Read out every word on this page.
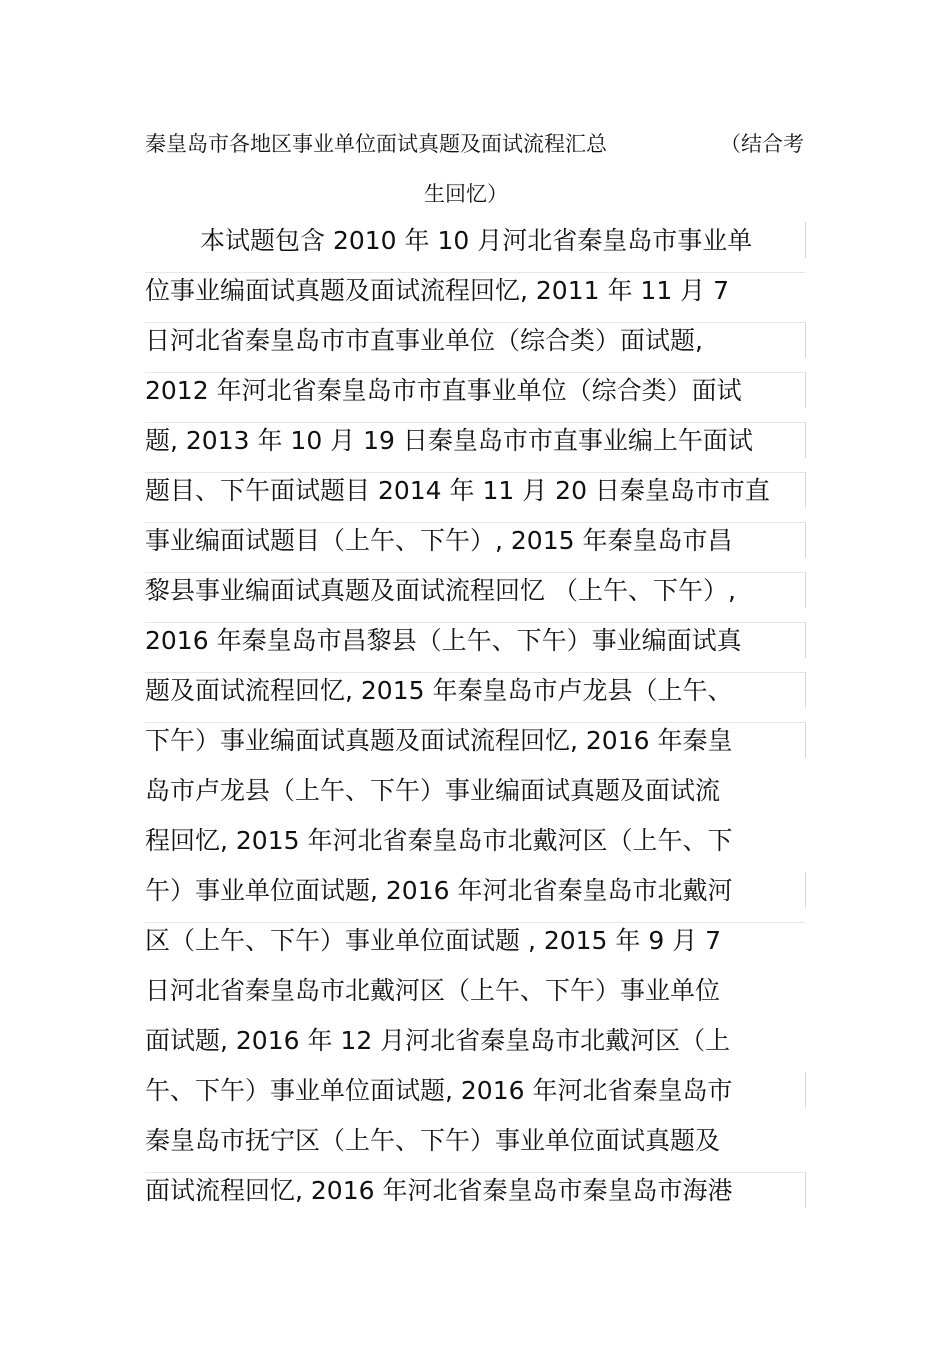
秦皇岛市各地区事业单位面试真题及面试流程汇总	（结合考
生回忆）
本试题包含 2010 年 10 月河北省秦皇岛市事业单
位事业编面试真题及面试流程回忆, 2011 年 11 月 7
日河北省秦皇岛市市直事业单位（综合类）面试题,
2012 年河北省秦皇岛市市直事业单位（综合类）面试
题, 2013 年 10 月 19 日秦皇岛市市直事业编上午面试
题目、下午面试题目 2014 年 11 月 20 日秦皇岛市市直
事业编面试题目（上午、下午）, 2015 年秦皇岛市昌
黎县事业编面试真题及面试流程回忆 （上午、下午）,
2016 年秦皇岛市昌黎县（上午、下午）事业编面试真
题及面试流程回忆, 2015 年秦皇岛市卢龙县（上午、
下午）事业编面试真题及面试流程回忆, 2016 年秦皇
岛市卢龙县（上午、下午）事业编面试真题及面试流
程回忆, 2015 年河北省秦皇岛市北戴河区（上午、下
午）事业单位面试题, 2016 年河北省秦皇岛市北戴河
区（上午、下午）事业单位面试题 , 2015 年 9 月 7
日河北省秦皇岛市北戴河区（上午、下午）事业单位
面试题, 2016 年 12 月河北省秦皇岛市北戴河区（上
午、下午）事业单位面试题, 2016 年河北省秦皇岛市
秦皇岛市抚宁区（上午、下午）事业单位面试真题及
面试流程回忆, 2016 年河北省秦皇岛市秦皇岛市海港
